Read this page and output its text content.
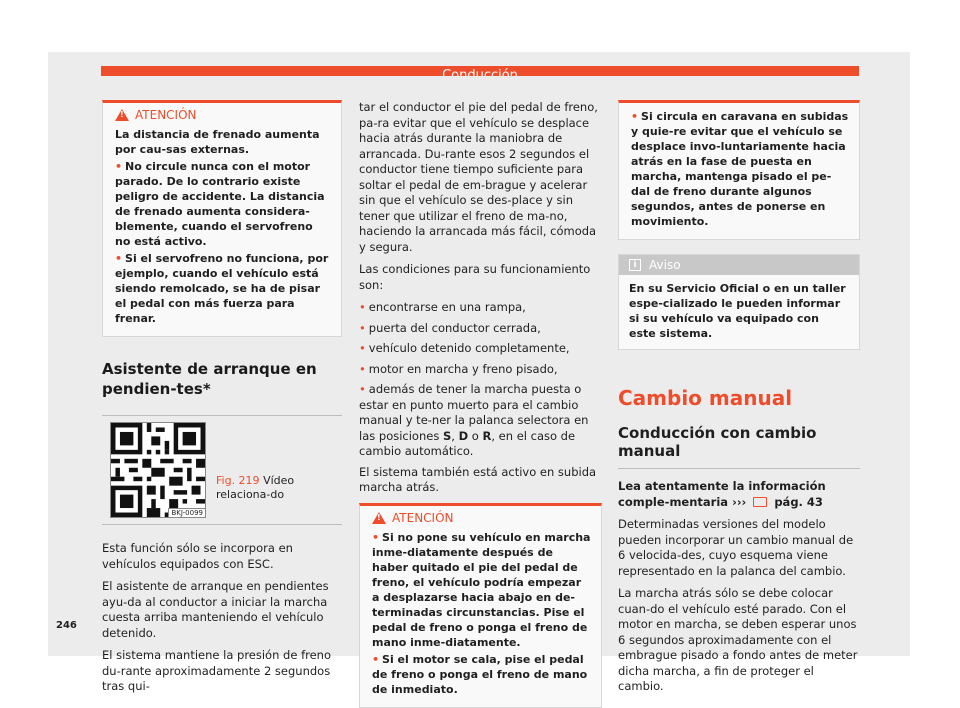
!
ATENCIÓN

La distancia de frenado aumenta por cau-sas externas.

• No circule nunca con el motor parado. De lo contrario existe peligro de accidente. La distancia de frenado aumenta considera-blemente, cuando el servofreno no está activo.

• Si el servofreno no funciona, por ejemplo, cuando el vehículo está siendo remolcado, se ha de pisar el pedal con más fuerza para frenar.

Asistente de arranque en pendien-tes*
BKJ-0099
Fig. 219 Vídeo relaciona-do

Esta función sólo se incorpora en vehículos equipados con ESC.

El asistente de arranque en pendientes ayu-da al conductor a iniciar la marcha cuesta arriba manteniendo el vehículo detenido.

El sistema mantiene la presión de freno du-rante aproximadamente 2 segundos tras qui-

tar el conductor el pie del pedal de freno, pa-ra evitar que el vehículo se desplace hacia atrás durante la maniobra de arrancada. Du-rante esos 2 segundos el conductor tiene tiempo suficiente para soltar el pedal de em-brague y acelerar sin que el vehículo se des-place y sin tener que utilizar el freno de ma-no, haciendo la arrancada más fácil, cómoda y segura.

Las condiciones para su funcionamiento son:

• encontrarse en una rampa,
• puerta del conductor cerrada,
• vehículo detenido completamente,
• motor en marcha y freno pisado,
• además de tener la marcha puesta o estar en punto muerto para el cambio manual y te-ner la palanca selectora en las posiciones S, D o R, en el caso de cambio automático.

El sistema también está activo en subida marcha atrás.

!
ATENCIÓN

• Si no pone su vehículo en marcha inme-diatamente después de haber quitado el pie del pedal de freno, el vehículo podría empezar a desplazarse hacia abajo en de-terminadas circunstancias. Pise el pedal de freno o ponga el freno de mano inme-diatamente.

• Si el motor se cala, pise el pedal de freno o ponga el freno de mano de inmediato.

• Si circula en caravana en subidas y quie-re evitar que el vehículo se desplace invo-luntariamente hacia atrás en la fase de puesta en marcha, mantenga pisado el pe-dal de freno durante algunos segundos, antes de ponerse en movimiento.

i	Aviso
En su Servicio Oficial o en un taller espe-cializado le pueden informar si su vehículo va equipado con este sistema.
Cambio manual
Conducción con cambio manual

Lea atentamente la información comple-mentaria ››› pág. 43

Determinadas versiones del modelo pueden incorporar un cambio manual de 6 velocida-des, cuyo esquema viene representado en la palanca del cambio.

La marcha atrás sólo se debe colocar cuan-do el vehículo esté parado. Con el motor en marcha, se deben esperar unos 6 segundos aproximadamente con el embrague pisado a fondo antes de meter dicha marcha, a fin de proteger el cambio.

246
